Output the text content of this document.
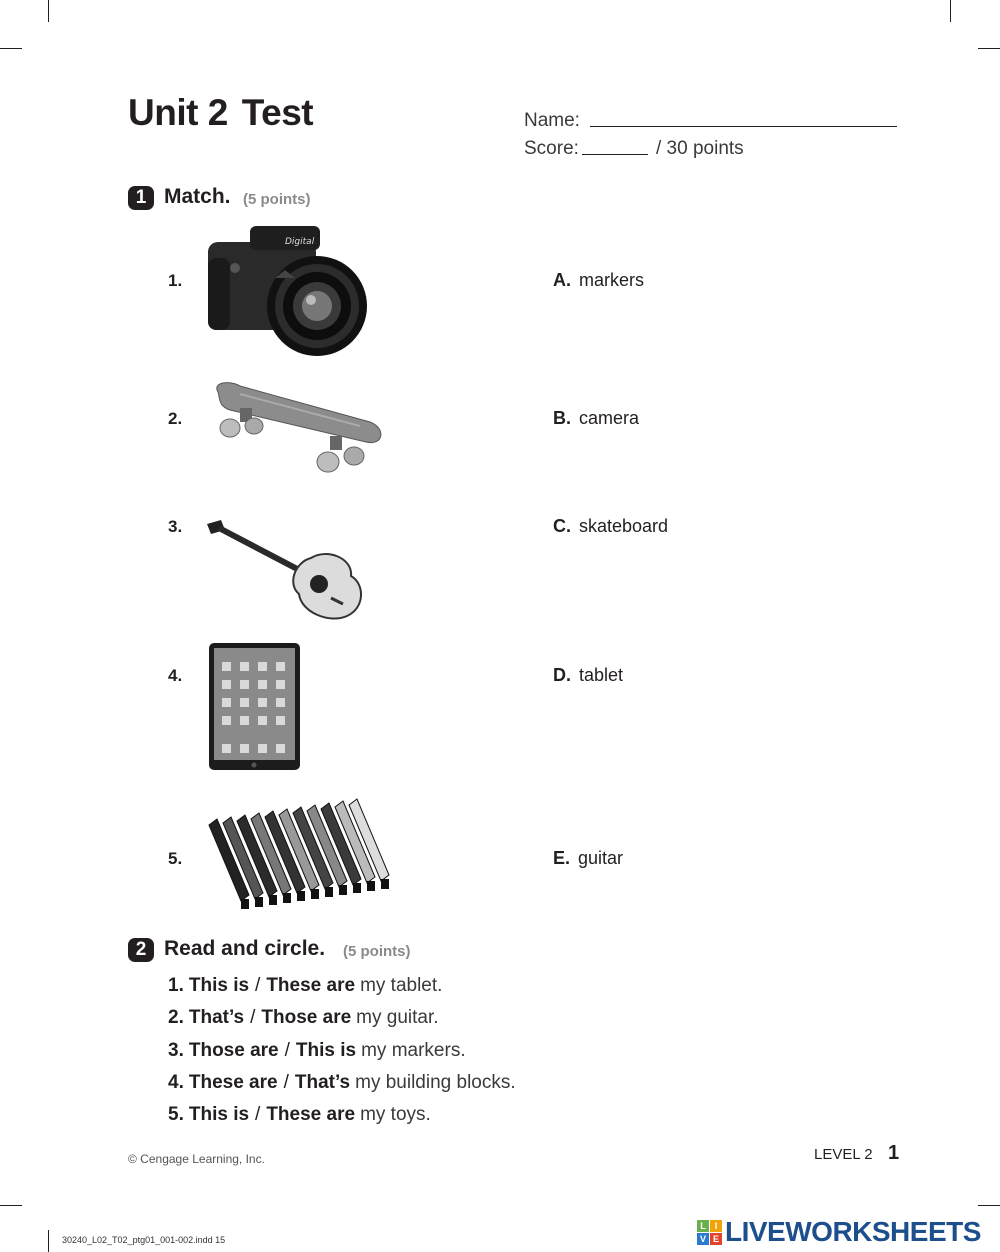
Unit 2 Test	Name:
Score:	/ 30 points
1 Match. (5 points)
1.
2.
3.
4.
5.
Digital
A. markers
B. camera
C. skateboard
D. tablet
E. guitar
2 Read and circle. (5 points)
1. This is / These are my tablet.
2. That’s / Those are my guitar.
3. Those are / This is my markers.
4. These are / That’s my building blocks.
5. This is / These are my toys.
© Cengage Learning, Inc.	LEVEL 2 1
30240_L02_T02_ptg01_001-002.indd 15
L I
V E LIVEWORKSHEETS
